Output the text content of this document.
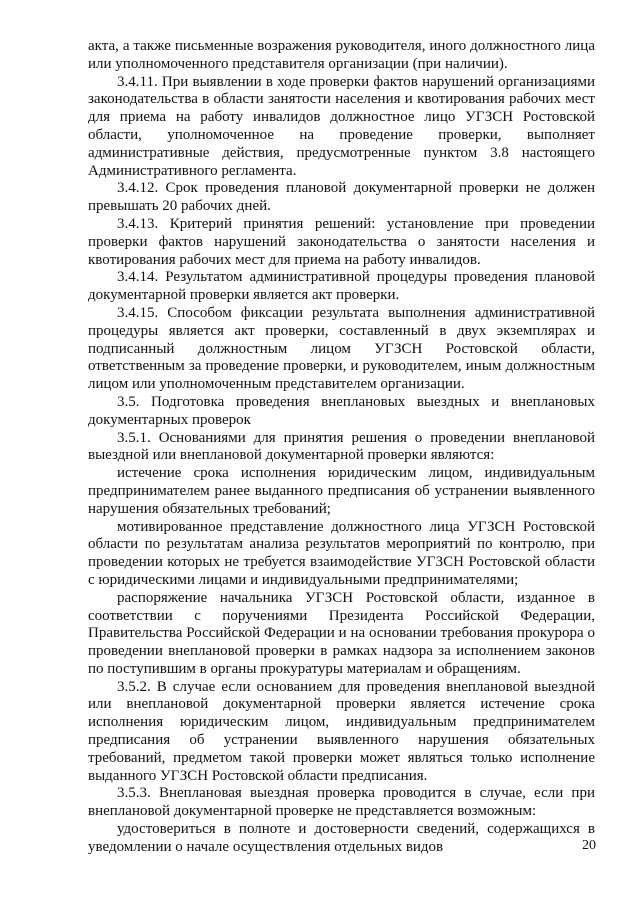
акта, а также письменные возражения руководителя, иного должностного лица или уполномоченного представителя организации (при наличии).

3.4.11. При выявлении в ходе проверки фактов нарушений организациями законодательства в области занятости населения и квотирования рабочих мест для приема на работу инвалидов должностное лицо УГЗСН Ростовской области, уполномоченное на проведение проверки, выполняет административные действия, предусмотренные пунктом 3.8 настоящего Административного регламента.

3.4.12. Срок проведения плановой документарной проверки не должен превышать 20 рабочих дней.

3.4.13. Критерий принятия решений: установление при проведении проверки фактов нарушений законодательства о занятости населения и квотирования рабочих мест для приема на работу инвалидов.

3.4.14. Результатом административной процедуры проведения плановой документарной проверки является акт проверки.

3.4.15. Способом фиксации результата выполнения административной процедуры является акт проверки, составленный в двух экземплярах и подписанный должностным лицом УГЗСН Ростовской области, ответственным за проведение проверки, и руководителем, иным должностным лицом или уполномоченным представителем организации.

3.5. Подготовка проведения внеплановых выездных и внеплановых документарных проверок

3.5.1. Основаниями для принятия решения о проведении внеплановой выездной или внеплановой документарной проверки являются:

истечение срока исполнения юридическим лицом, индивидуальным предпринимателем ранее выданного предписания об устранении выявленного нарушения обязательных требований;

мотивированное представление должностного лица УГЗСН Ростовской области по результатам анализа результатов мероприятий по контролю, при проведении которых не требуется взаимодействие УГЗСН Ростовской области с юридическими лицами и индивидуальными предпринимателями;

распоряжение начальника УГЗСН Ростовской области, изданное в соответствии с поручениями Президента Российской Федерации, Правительства Российской Федерации и на основании требования прокурора о проведении внеплановой проверки в рамках надзора за исполнением законов по поступившим в органы прокуратуры материалам и обращениям.

3.5.2. В случае если основанием для проведения внеплановой выездной или внеплановой документарной проверки является истечение срока исполнения юридическим лицом, индивидуальным предпринимателем предписания об устранении выявленного нарушения обязательных требований, предметом такой проверки может являться только исполнение выданного УГЗСН Ростовской области предписания.

3.5.3. Внеплановая выездная проверка проводится в случае, если при внеплановой документарной проверке не представляется возможным:

удостовериться в полноте и достоверности сведений, содержащихся в уведомлении о начале осуществления отдельных видов	20
